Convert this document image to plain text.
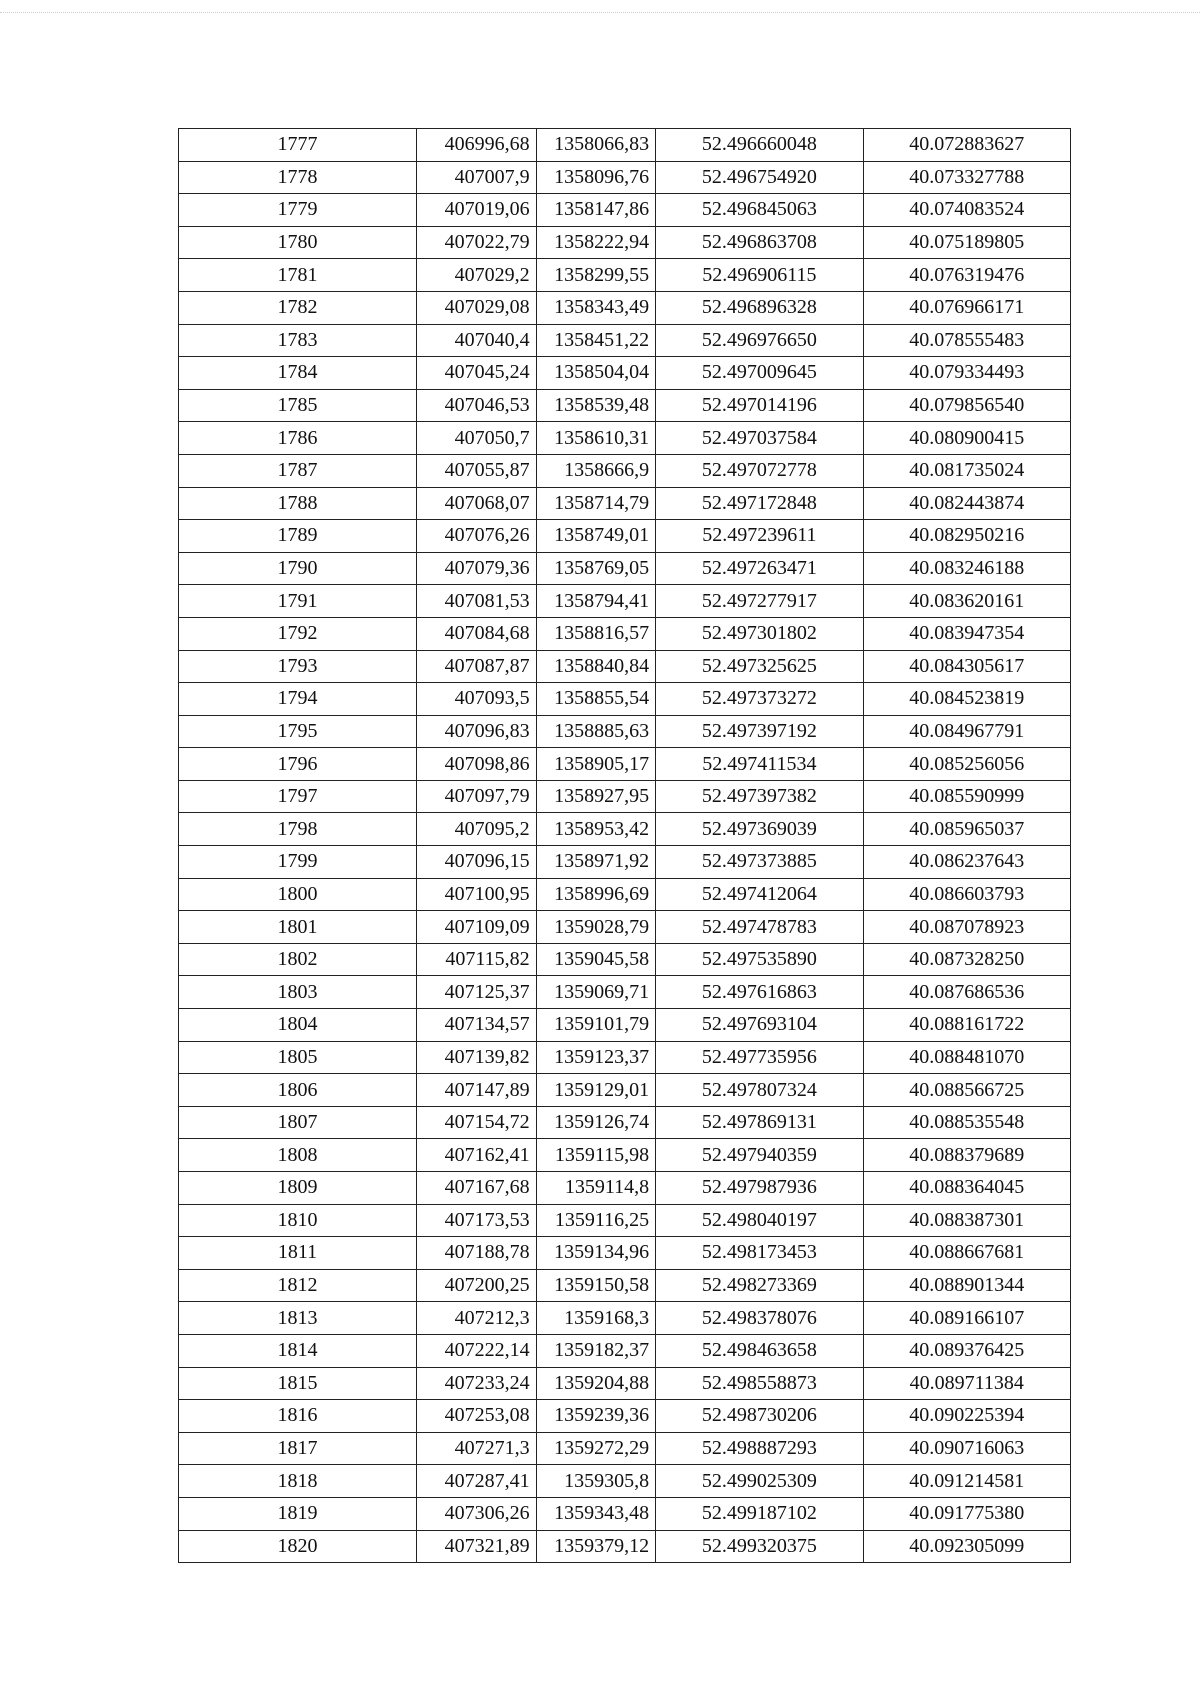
1777	406996,68	1358066,83	52.496660048	40.072883627
1778	407007,9	1358096,76	52.496754920	40.073327788
1779	407019,06	1358147,86	52.496845063	40.074083524
1780	407022,79	1358222,94	52.496863708	40.075189805
1781	407029,2	1358299,55	52.496906115	40.076319476
1782	407029,08	1358343,49	52.496896328	40.076966171
1783	407040,4	1358451,22	52.496976650	40.078555483
1784	407045,24	1358504,04	52.497009645	40.079334493
1785	407046,53	1358539,48	52.497014196	40.079856540
1786	407050,7	1358610,31	52.497037584	40.080900415
1787	407055,87	1358666,9	52.497072778	40.081735024
1788	407068,07	1358714,79	52.497172848	40.082443874
1789	407076,26	1358749,01	52.497239611	40.082950216
1790	407079,36	1358769,05	52.497263471	40.083246188
1791	407081,53	1358794,41	52.497277917	40.083620161
1792	407084,68	1358816,57	52.497301802	40.083947354
1793	407087,87	1358840,84	52.497325625	40.084305617
1794	407093,5	1358855,54	52.497373272	40.084523819
1795	407096,83	1358885,63	52.497397192	40.084967791
1796	407098,86	1358905,17	52.497411534	40.085256056
1797	407097,79	1358927,95	52.497397382	40.085590999
1798	407095,2	1358953,42	52.497369039	40.085965037
1799	407096,15	1358971,92	52.497373885	40.086237643
1800	407100,95	1358996,69	52.497412064	40.086603793
1801	407109,09	1359028,79	52.497478783	40.087078923
1802	407115,82	1359045,58	52.497535890	40.087328250
1803	407125,37	1359069,71	52.497616863	40.087686536
1804	407134,57	1359101,79	52.497693104	40.088161722
1805	407139,82	1359123,37	52.497735956	40.088481070
1806	407147,89	1359129,01	52.497807324	40.088566725
1807	407154,72	1359126,74	52.497869131	40.088535548
1808	407162,41	1359115,98	52.497940359	40.088379689
1809	407167,68	1359114,8	52.497987936	40.088364045
1810	407173,53	1359116,25	52.498040197	40.088387301
1811	407188,78	1359134,96	52.498173453	40.088667681
1812	407200,25	1359150,58	52.498273369	40.088901344
1813	407212,3	1359168,3	52.498378076	40.089166107
1814	407222,14	1359182,37	52.498463658	40.089376425
1815	407233,24	1359204,88	52.498558873	40.089711384
1816	407253,08	1359239,36	52.498730206	40.090225394
1817	407271,3	1359272,29	52.498887293	40.090716063
1818	407287,41	1359305,8	52.499025309	40.091214581
1819	407306,26	1359343,48	52.499187102	40.091775380
1820	407321,89	1359379,12	52.499320375	40.092305099
